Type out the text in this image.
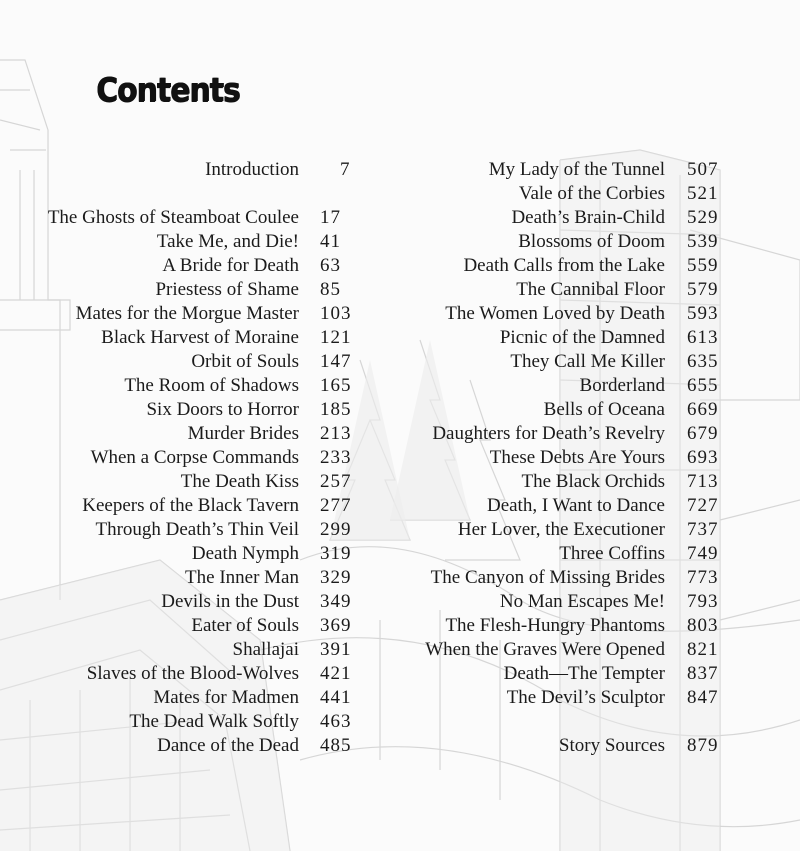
Contents
Introduction 7
The Ghosts of Steamboat Coulee 17
Take Me, and Die! 41
A Bride for Death 63
Priestess of Shame 85
Mates for the Morgue Master 103
Black Harvest of Moraine 121
Orbit of Souls 147
The Room of Shadows 165
Six Doors to Horror 185
Murder Brides 213
When a Corpse Commands 233
The Death Kiss 257
Keepers of the Black Tavern 277
Through Death’s Thin Veil 299
Death Nymph 319
The Inner Man 329
Devils in the Dust 349
Eater of Souls 369
Shallajai 391
Slaves of the Blood-Wolves 421
Mates for Madmen 441
The Dead Walk Softly 463
Dance of the Dead 485
My Lady of the Tunnel 507
Vale of the Corbies 521
Death’s Brain-Child 529
Blossoms of Doom 539
Death Calls from the Lake 559
The Cannibal Floor 579
The Women Loved by Death 593
Picnic of the Damned 613
They Call Me Killer 635
Borderland 655
Bells of Oceana 669
Daughters for Death’s Revelry 679
These Debts Are Yours 693
The Black Orchids 713
Death, I Want to Dance 727
Her Lover, the Executioner 737
Three Coffins 749
The Canyon of Missing Brides 773
No Man Escapes Me! 793
The Flesh-Hungry Phantoms 803
When the Graves Were Opened 821
Death—The Tempter 837
The Devil’s Sculptor 847
Story Sources 879
